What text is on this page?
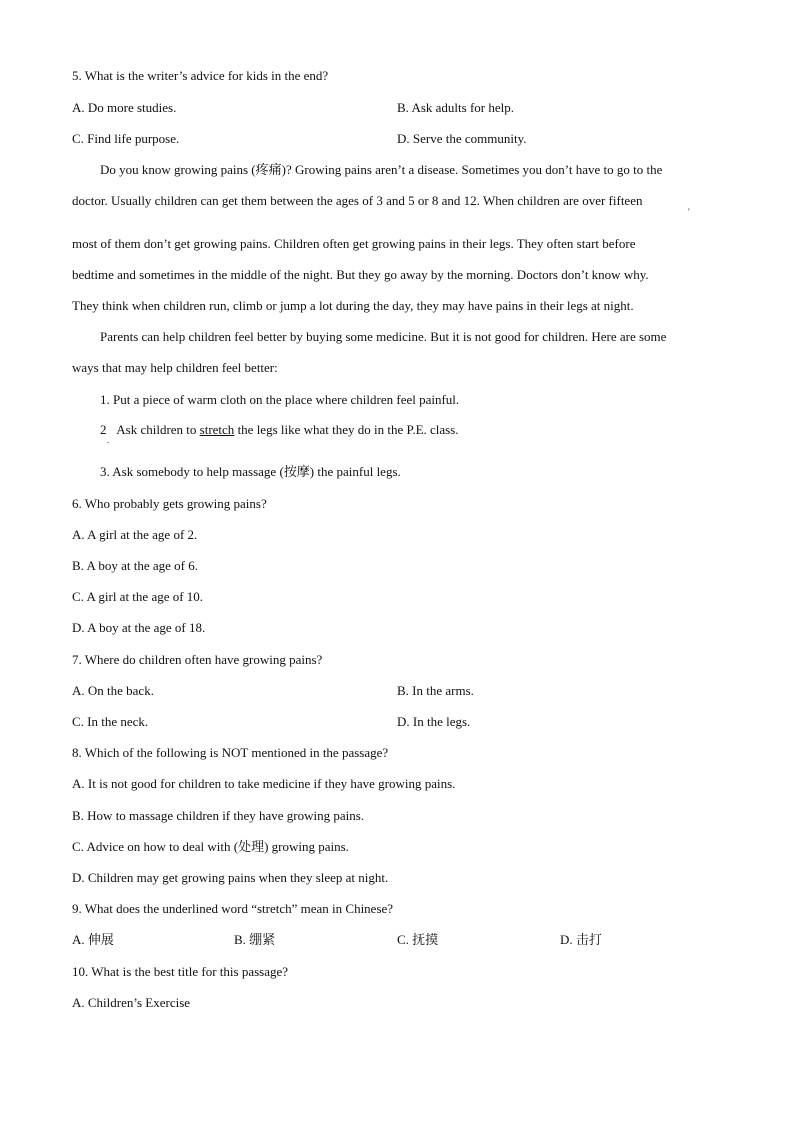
5. What is the writer’s advice for kids in the end?
A. Do more studies.	B. Ask adults for help.
C. Find life purpose.	D. Serve the community.
Do you know growing pains (疼痛)? Growing pains aren’t a disease. Sometimes you don’t have to go to the
doctor. Usually children can get them between the ages of 3 and 5 or 8 and 12. When children are over fifteen
'
most of them don’t get growing pains. Children often get growing pains in their legs. They often start before
bedtime and sometimes in the middle of the night. But they go away by the morning. Doctors don’t know why.
They think when children run, climb or jump a lot during the day, they may have pains in their legs at night.
Parents can help children feel better by buying some medicine. But it is not good for children. Here are some
ways that may help children feel better:
1. Put a piece of warm cloth on the place where children feel painful.
2 Ask children to stretch the legs like what they do in the P.E. class.
.
3. Ask somebody to help massage (按摩) the painful legs.
6. Who probably gets growing pains?
A. A girl at the age of 2.
B. A boy at the age of 6.
C. A girl at the age of 10.
D. A boy at the age of 18.
7. Where do children often have growing pains?
A. On the back.	B. In the arms.
C. In the neck.	D. In the legs.
8. Which of the following is NOT mentioned in the passage?
A. It is not good for children to take medicine if they have growing pains.
B. How to massage children if they have growing pains.
C. Advice on how to deal with (处理) growing pains.
D. Children may get growing pains when they sleep at night.
9. What does the underlined word “stretch” mean in Chinese?
A. 伸展	B. 绷紧	C. 抚摸	D. 击打
10. What is the best title for this passage?
A. Children’s Exercise
